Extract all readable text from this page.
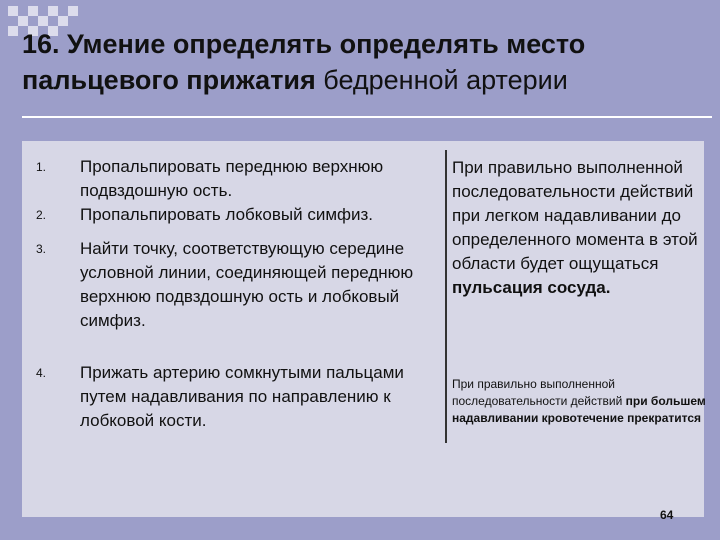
16. Умение определять определять место пальцевого прижатия бедренной артерии
1. Пропальпировать переднюю верхнюю подвздошную ость.
2. Пропальпировать лобковый симфиз.
3. Найти точку, соответствующую середине условной линии, соединяющей переднюю верхнюю подвздошную ость и лобковый симфиз.
4. Прижать артерию сомкнутыми пальцами путем надавливания по направлению к лобковой кости.
При правильно выполненной последовательности действий при легком надавливании до определенного момента в этой области будет ощущаться пульсация сосуда.
При правильно выполненной последовательности действий при большем надавливании кровотечение прекратится
64
